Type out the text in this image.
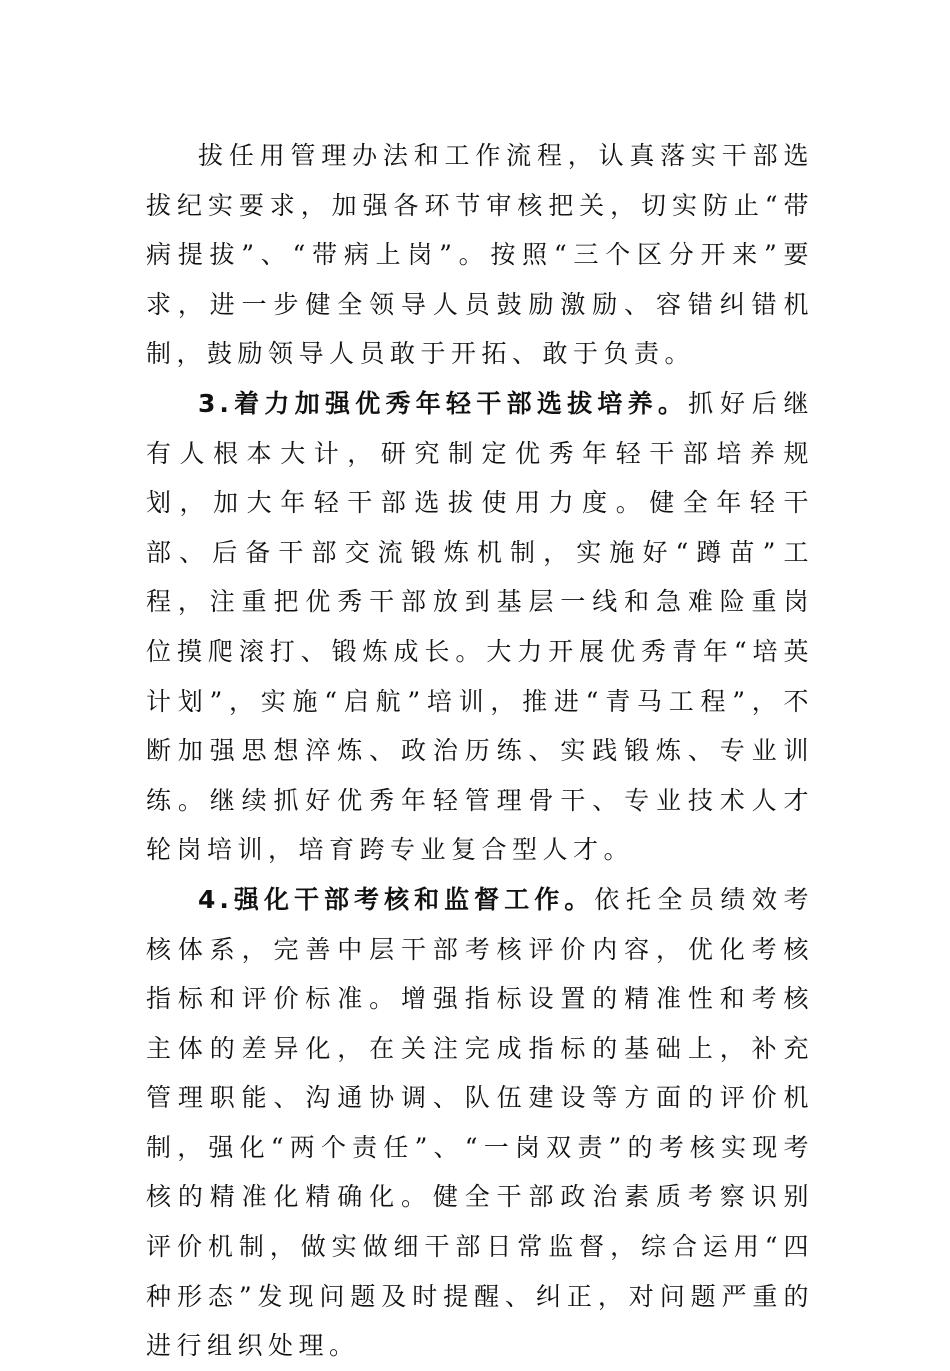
拔任用管理办法和工作流程，认真落实干部选拔纪实要求，加强各环节审核把关，切实防止“带病提拔”、“带病上岗”。按照“三个区分开来”要求，进一步健全领导人员鼓励激励、容错纠错机制，鼓励领导人员敢于开拓、敢于负责。

3.着力加强优秀年轻干部选拔培养。抓好后继有人根本大计，研究制定优秀年轻干部培养规划，加大年轻干部选拔使用力度。健全年轻干部、后备干部交流锻炼机制，实施好“蹲苗”工程，注重把优秀干部放到基层一线和急难险重岗位摸爬滚打、锻炼成长。大力开展优秀青年“培英计划”，实施“启航”培训，推进“青马工程”，不断加强思想淬炼、政治历练、实践锻炼、专业训练。继续抓好优秀年轻管理骨干、专业技术人才轮岗培训，培育跨专业复合型人才。

4.强化干部考核和监督工作。依托全员绩效考核体系，完善中层干部考核评价内容，优化考核指标和评价标准。增强指标设置的精准性和考核主体的差异化，在关注完成指标的基础上，补充管理职能、沟通协调、队伍建设等方面的评价机制，强化“两个责任”、“一岗双责”的考核实现考核的精准化精确化。健全干部政治素质考察识别评价机制，做实做细干部日常监督，综合运用“四种形态”发现问题及时提醒、纠正，对问题严重的进行组织处理。
